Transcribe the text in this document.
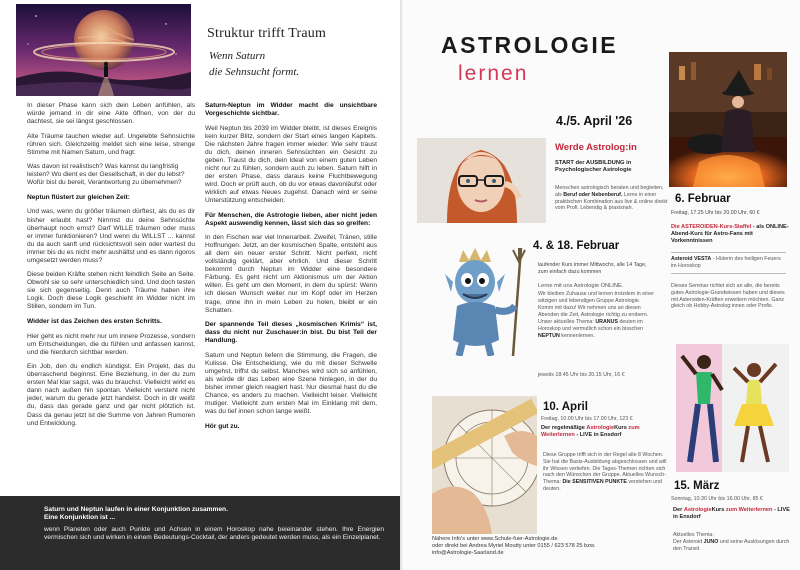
Struktur trifft Traum
Wenn Saturn
die Sehnsucht formt.

In dieser Phase kann sich dein Leben anfühlen, als würde jemand in dir eine Akte öffnen, von der du dachtest, sie sei längst geschlossen.

Alte Träume tauchen wieder auf. Ungelebte Sehnsüchte rühren sich. Gleichzeitig meldet sich eine leise, strenge Stimme mit Namen Saturn, und fragt:

Was davon ist realistisch? Was kannst du langfristig leisten? Wo dient es der Gesellschaft, in der du lebst? Wofür bist du bereit, Verantwortung zu übernehmen?

Neptun flüstert zur gleichen Zeit:

Und was, wenn du größer träumen dürftest, als du es dir bisher erlaubt hast? Nimmst du deine Sehnsüchte überhaupt noch ernst? Darf WILLE träumen oder muss er immer funktionieren? Und wenn du WILLST ... kannst du da auch sanft und rücksichtsvoll sein oder wartest du immer bis du es nicht mehr aushältst und es dann rigoros umgesetzt werden muss?

Diese beiden Kräfte stehen nicht feindlich Seite an Seite. Obwohl sie so sehr unterschiedlich sind. Und doch testen sie sich gegenseitig. Denn auch Träume haben ihre Logik. Doch diese Logik geschieht im Widder nicht im Stillen, sondern im Tun.

Widder ist das Zeichen des ersten Schritts.

Hier geht es nicht mehr nur um innere Prozesse, sondern um Entscheidungen, die du fühlen und anfassen kannst, und die hierdurch sichtbar werden.

Ein Job, den du endlich kündigst. Ein Projekt, das du überraschend beginnst. Eine Beziehung, in der du zum ersten Mal klar sagst, was du brauchst. Vielleicht wirkt es dann nach außen hin spontan. Vielleicht versteht nicht jeder, warum du gerade jetzt handelst. Doch in dir weißt du, dass das gerade ganz und gar nicht plötzlich ist. Dass da genau jetzt ist die Summe von Jahren Rumoren und Entwicklung.

Saturn-Neptun im Widder macht die unsichtbare Vorgeschichte sichtbar.

Weil Neptun bis 2039 im Widder bleibt, ist dieses Ereignis kein kurzer Blitz, sondern der Start eines langen Kapitels. Die nächsten Jahre fragen immer wieder: Wie sehr traust du dich, deinen inneren Sehnsüchten ein Gesicht zu geben. Traust du dich, dein Ideal von einem guten Leben nicht nur zu fühlen, sondern auch zu leben. Saturn hilft in der ersten Phase, dass daraus keine Fluchtbewegung wird. Doch er prüft auch, ob du vor etwas davonläufst oder wirklich auf etwas Neues zugehst. Danach wird er seine Unterstützung entscheiden.

Für Menschen, die Astrologie lieben, aber nicht jeden Aspekt auswendig kennen, lässt sich das so greifen:

In den Fischen war viel Innenarbeit. Zweifel, Tränen, stille Hoffnungen. Jetzt, an der kosmischen Spalte, entsteht aus all dem ein neuer erster Schritt. Nicht perfekt, nicht vollständig geklärt, aber ehrlich. Und dieser Schritt bekommt durch Neptun im Widder eine besondere Färbung. Es geht nicht um Aktionismus um der Aktion willen. Es geht um den Moment, in dem du spürst: Wenn ich diesen Wunsch weiter nur im Kopf oder im Herzen trage, ohne ihn in mein Leben zu holen, bleibt er ein Schatten.

Der spannende Teil dieses „kosmischen Krimis“ ist, dass du nicht nur Zuschauer:in bist. Du bist Teil der Handlung.

Saturn und Neptun liefern die Stimmung, die Fragen, die Kulisse. Die Entscheidung, wie du mit dieser Schwelle umgehst, triffst du selbst. Manches wird sich so anfühlen, als würde dir das Leben eine Szene hinlegen, in der du bisher immer gleich reagiert hast. Nur diesmal hast du die Chance, es anders zu machen. Vielleicht leiser. Vielleicht mutiger. Vielleicht zum ersten Mal im Einklang mit dem, was du tief innen schon lange weißt.

Hör gut zu.

Saturn und Neptun laufen in einer Konjunktion zusammen.
Eine Konjunktion ist ...
wenn Planeten oder auch Punkte und Achsen in einem Horoskop nahe beieinander stehen. Ihre Energien vermischen sich und wirken in einem Bedeutungs-Cocktail, der anders gedeutet werden muss, als ein Einzelplanet.
ASTROLOGIE
lernen
4./5. April '26
Werde Astrolog:in
START der AUSBILDUNG in Psychologischer Astrologie
Menschen astrologisch beraten und begleiten, als Beruf oder Nebenberuf. Lerne in einer praktischen Kombination aus live & online direkt vom Profi. Lebendig & praxisnah.
6. Februar
Freitag, 17.25 Uhr bis 20.00 Uhr, 60 €
Die ASTEROIDEN-Kurs-Staffel - als ONLINE-Abend-Kurs für Astro-Fans mit Vorkenntnissen
Asteroid VESTA - Hüterin des heiligen Feuers im Horoskop
Dieses Seminar richtet sich an alle, die bereits gutes Astrologie-Grundwissen haben und dieses mit Asteroiden-Kräften erweitern möchten. Ganz gleich ob Hobby-Astrolog:innen oder Profis.
4. & 18. Februar
laufender Kurs immer Mittwochs, alle 14 Tage, zum einfach dazu kommen
Lerne mit uns Astrologie ONLINE.
Wir bleiben Zuhause und lernen trotzdem in einer witzigen und lebendigen Gruppe Astrologie. Komm mit dazu! Wir nehmen uns an diesen Abenden die Zeit, Astrologie richtig zu erobern. Unser aktuelles Thema: URANUS deuten im Horoskop und vermutlich schon ein bisschen NEPTUN kennenlernen.
jeweils 18:45 Uhr bis 20.15 Uhr, 16 €
10. April
Freitag, 10.00 Uhr bis 17.00 Uhr, 123 €
Der regelmäßige AstrologieKurs zum Weiterlernen - LIVE in Ensdorf
Diese Gruppe trifft sich in der Regel alle 8 Wochen. Sie hat die Basis-Ausbildung abgeschlossen und will ihr Wissen vertiefen. Die Tages-Themen richten sich nach den Wünschen der Gruppe. Aktuelles Wunsch-Thema: Die SENSITIVEN PUNKTE verstehen und deuten.	15. März
Sonntag, 10.30 Uhr bis 16.00 Uhr, 85 €
Der AstrologieKurs zum Weiterlernen - LIVE in Ensdorf
Aktuelles Thema:
Der Asteroid JUNO und seine Auslösungen durch den Transit
Nähere Info's unter www.Schule-fuer-Astrologie.de
oder direkt bei Andrea Myriel Moutty unter 0155 / 623 578 25 bzw.
info@Astrologie-Saarland.de
